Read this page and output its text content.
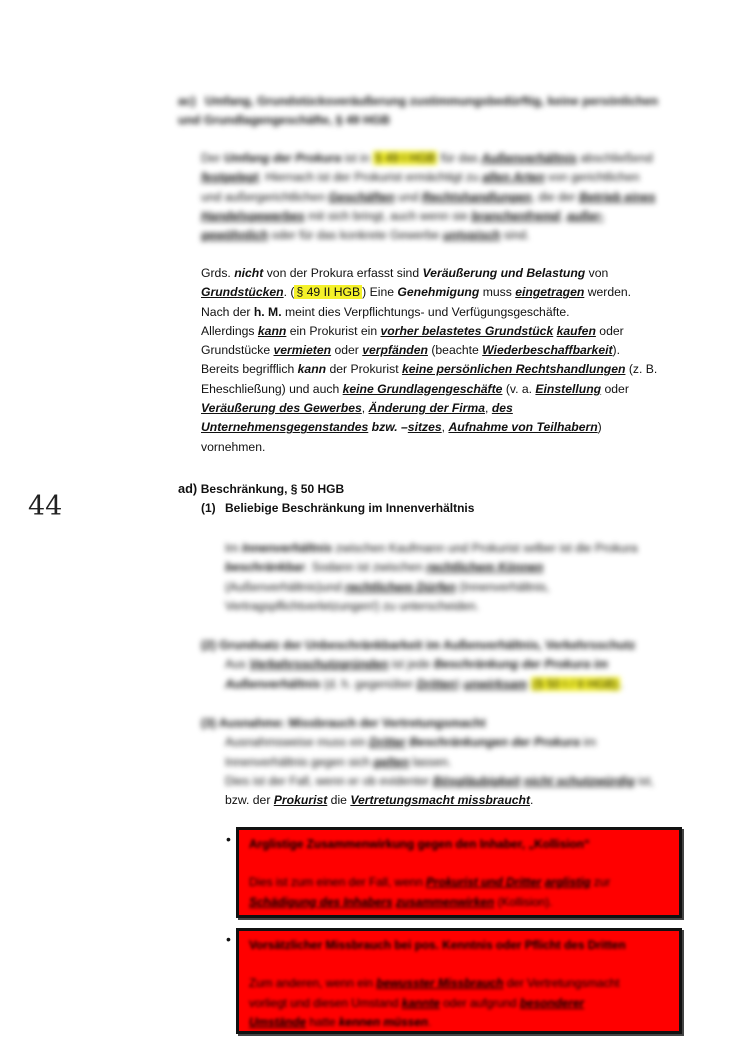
44
ac) Umfang, Grundstücksveräußerung zustimmungsbedürftig, keine persönlichen und Grundlagengeschäfte, § 49 HGB
Der Umfang der Prokura ist in § 49 I HGB für das Außenverhältnis abschließend
festgelegt. Hiernach ist der Prokurist ermächtigt zu allen Arten von gerichtlichen
und außergerichtlichen Geschäften und Rechtshandlungen, die der Betrieb eines
Handelsgewerbes mit sich bringt, auch wenn sie branchenfremd, außer-
gewöhnlich oder für das konkrete Gewerbe untypisch sind.
Grds. nicht von der Prokura erfasst sind Veräußerung und Belastung von
Grundstücken. ( § 49 II HGB ) Eine Genehmigung muss eingetragen werden.
Nach der h. M. meint dies Verpflichtungs- und Verfügungsgeschäfte.
Allerdings kann ein Prokurist ein vorher belastetes Grundstück kaufen oder
Grundstücke vermieten oder verpfänden (beachte Wiederbeschaffbarkeit).
Bereits begrifflich kann der Prokurist keine persönlichen Rechtshandlungen (z. B.
Eheschließung) und auch keine Grundlagengeschäfte (v. a. Einstellung oder
Veräußerung des Gewerbes, Änderung der Firma, des
Unternehmensgegenstandes bzw. –sitzes, Aufnahme von Teilhabern)
vornehmen.
ad) Beschränkung, § 50 HGB
(1) Beliebige Beschränkung im Innenverhältnis
Im Innenverhältnis zwischen Kaufmann und Prokurist selber ist die Prokura
beschränkbar. Sodann ist zwischen rechtlichem Können
(Außenverhältnis)und rechtlichem Dürfen (Innenverhältnis,
Vertragspflichtverletzungen!) zu unterscheiden.
(2) Grundsatz der Unbeschränkbarkeit im Außenverhältnis, Verkehrsschutz
Aus Verkehrsschutzgründen ist jede Beschränkung der Prokura im
Außenverhältnis (d. h. gegenüber Dritten) unwirksam (§ 50 I / II HGB) .
(3) Ausnahme: Missbrauch der Vertretungsmacht
Ausnahmsweise muss ein Dritter Beschränkungen der Prokura im
Innenverhältnis gegen sich gelten lassen.
Dies ist der Fall, wenn er ob evidenter Bösgläubigkeit nicht schutzwürdig ist,
bzw. der Prokurist die Vertretungsmacht missbraucht.
• Arglistige Zusammenwirkung gegen den Inhaber, „Kollision“
Dies ist zum einen der Fall, wenn Prokurist und Dritter arglistig zur
Schädigung des Inhabers zusammenwirken (Kollision).
• Vorsätzlicher Missbrauch bei pos. Kenntnis oder Pflicht des Dritten
Zum anderen, wenn ein bewusster Missbrauch der Vertretungsmacht
vorliegt und diesen Umstand kannte oder aufgrund besonderer
Umstände hatte kennen müssen.
